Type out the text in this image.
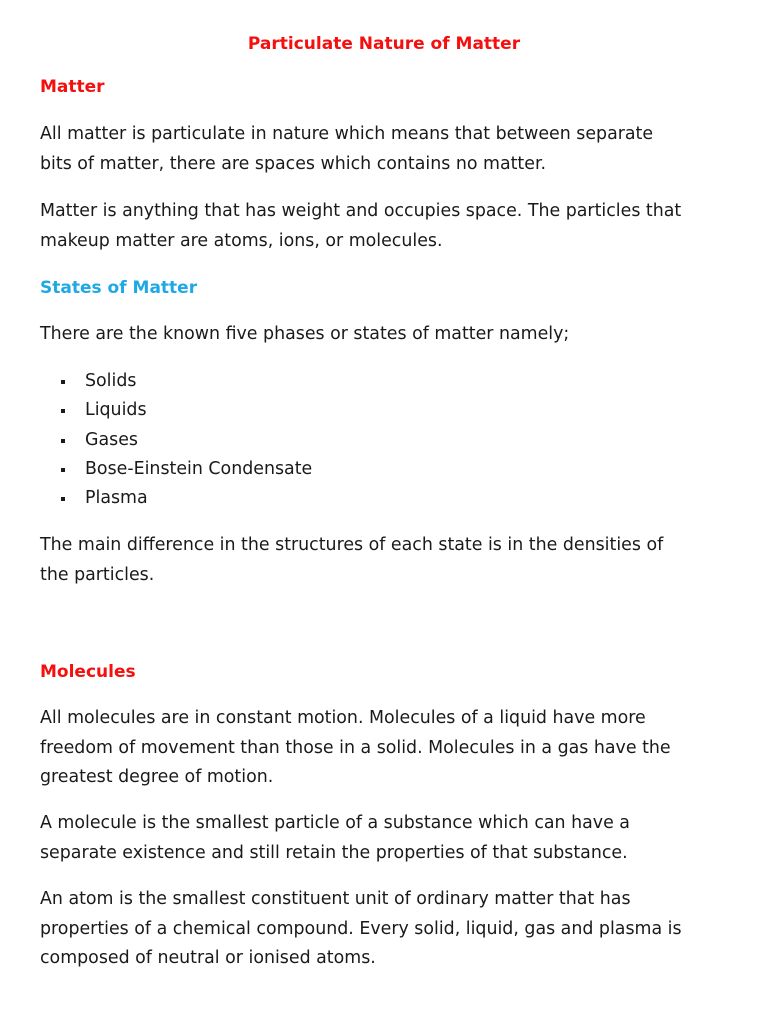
Particulate Nature of Matter
Matter

All matter is particulate in nature which means that between separate
bits of matter, there are spaces which contains no matter.

Matter is anything that has weight and occupies space. The particles that
makeup matter are atoms, ions, or molecules.

States of Matter

There are the known five phases or states of matter namely;

Solids
Liquids
Gases
Bose-Einstein Condensate
Plasma

The main difference in the structures of each state is in the densities of
the particles.

Molecules

All molecules are in constant motion. Molecules of a liquid have more
freedom of movement than those in a solid. Molecules in a gas have the
greatest degree of motion.

A molecule is the smallest particle of a substance which can have a
separate existence and still retain the properties of that substance.

An atom is the smallest constituent unit of ordinary matter that has
properties of a chemical compound. Every solid, liquid, gas and plasma is
composed of neutral or ionised atoms.
